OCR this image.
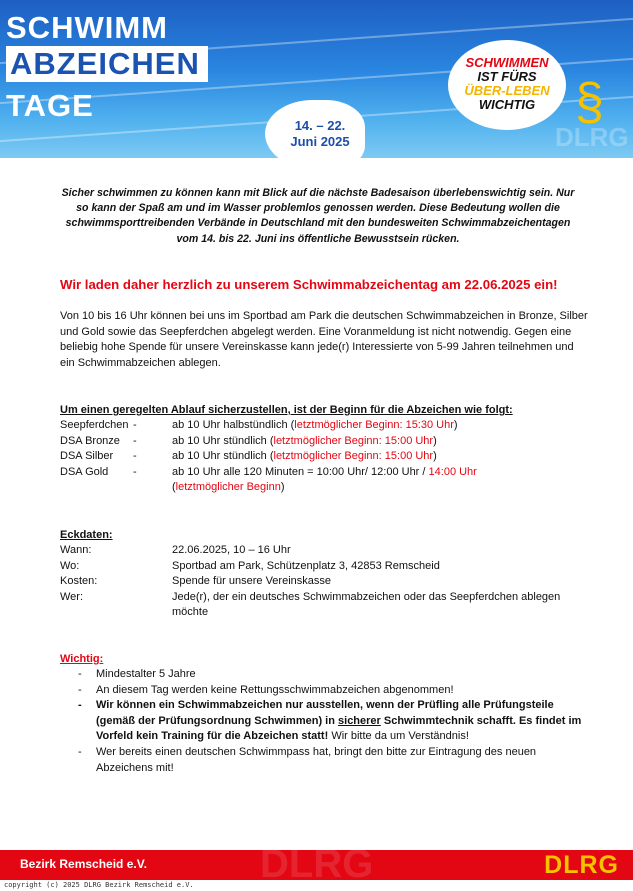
SCHWIMM
ABZEICHEN
TAGE
14. – 22.
Juni 2025
SCHWIMMEN
IST FÜRS
ÜBER-LEBEN
WICHTIG §
DLRG
Sicher schwimmen zu können kann mit Blick auf die nächste Badesaison überlebenswichtig sein. Nur so kann der Spaß am und im Wasser problemlos genossen werden. Diese Bedeutung wollen die schwimmsporttreibenden Verbände in Deutschland mit den bundesweiten Schwimmabzeichentagen vom 14. bis 22. Juni ins öffentliche Bewusstsein rücken.
Wir laden daher herzlich zu unserem Schwimmabzeichentag am 22.06.2025 ein!
Von 10 bis 16 Uhr können bei uns im Sportbad am Park die deutschen Schwimmabzeichen in Bronze, Silber und Gold sowie das Seepferdchen abgelegt werden. Eine Voranmeldung ist nicht notwendig. Gegen eine beliebig hohe Spende für unsere Vereinskasse kann jede(r) Interessierte von 5-99 Jahren teilnehmen und ein Schwimmabzeichen ablegen.
Um einen geregelten Ablauf sicherzustellen, ist der Beginn für die Abzeichen wie folgt:
Seepferdchen -	ab 10 Uhr halbstündlich (letztmöglicher Beginn: 15:30 Uhr)
DSA Bronze -	ab 10 Uhr stündlich (letztmöglicher Beginn: 15:00 Uhr)
DSA Silber -	ab 10 Uhr stündlich (letztmöglicher Beginn: 15:00 Uhr)
DSA Gold -	ab 10 Uhr alle 120 Minuten = 10:00 Uhr/ 12:00 Uhr / 14:00 Uhr
(letztmöglicher Beginn)
Eckdaten:
Wann:	22.06.2025, 10 – 16 Uhr
Wo:	Sportbad am Park, Schützenplatz 3, 42853 Remscheid
Kosten:	Spende für unsere Vereinskasse
Wer:	Jede(r), der ein deutsches Schwimmabzeichen oder das Seepferdchen ablegen möchte
Wichtig:
- Mindestalter 5 Jahre
- An diesem Tag werden keine Rettungsschwimmabzeichen abgenommen!
- Wir können ein Schwimmabzeichen nur ausstellen, wenn der Prüfling alle Prüfungsteile (gemäß der Prüfungsordnung Schwimmen) in sicherer Schwimmtechnik schafft. Es findet im Vorfeld kein Training für die Abzeichen statt! Wir bitte da um Verständnis!
- Wer bereits einen deutschen Schwimmpass hat, bringt den bitte zur Eintragung des neuen Abzeichens mit!
DLRG
Bezirk Remscheid e.V.	DLRG
copyright (c) 2025 DLRG Bezirk Remscheid e.V.
